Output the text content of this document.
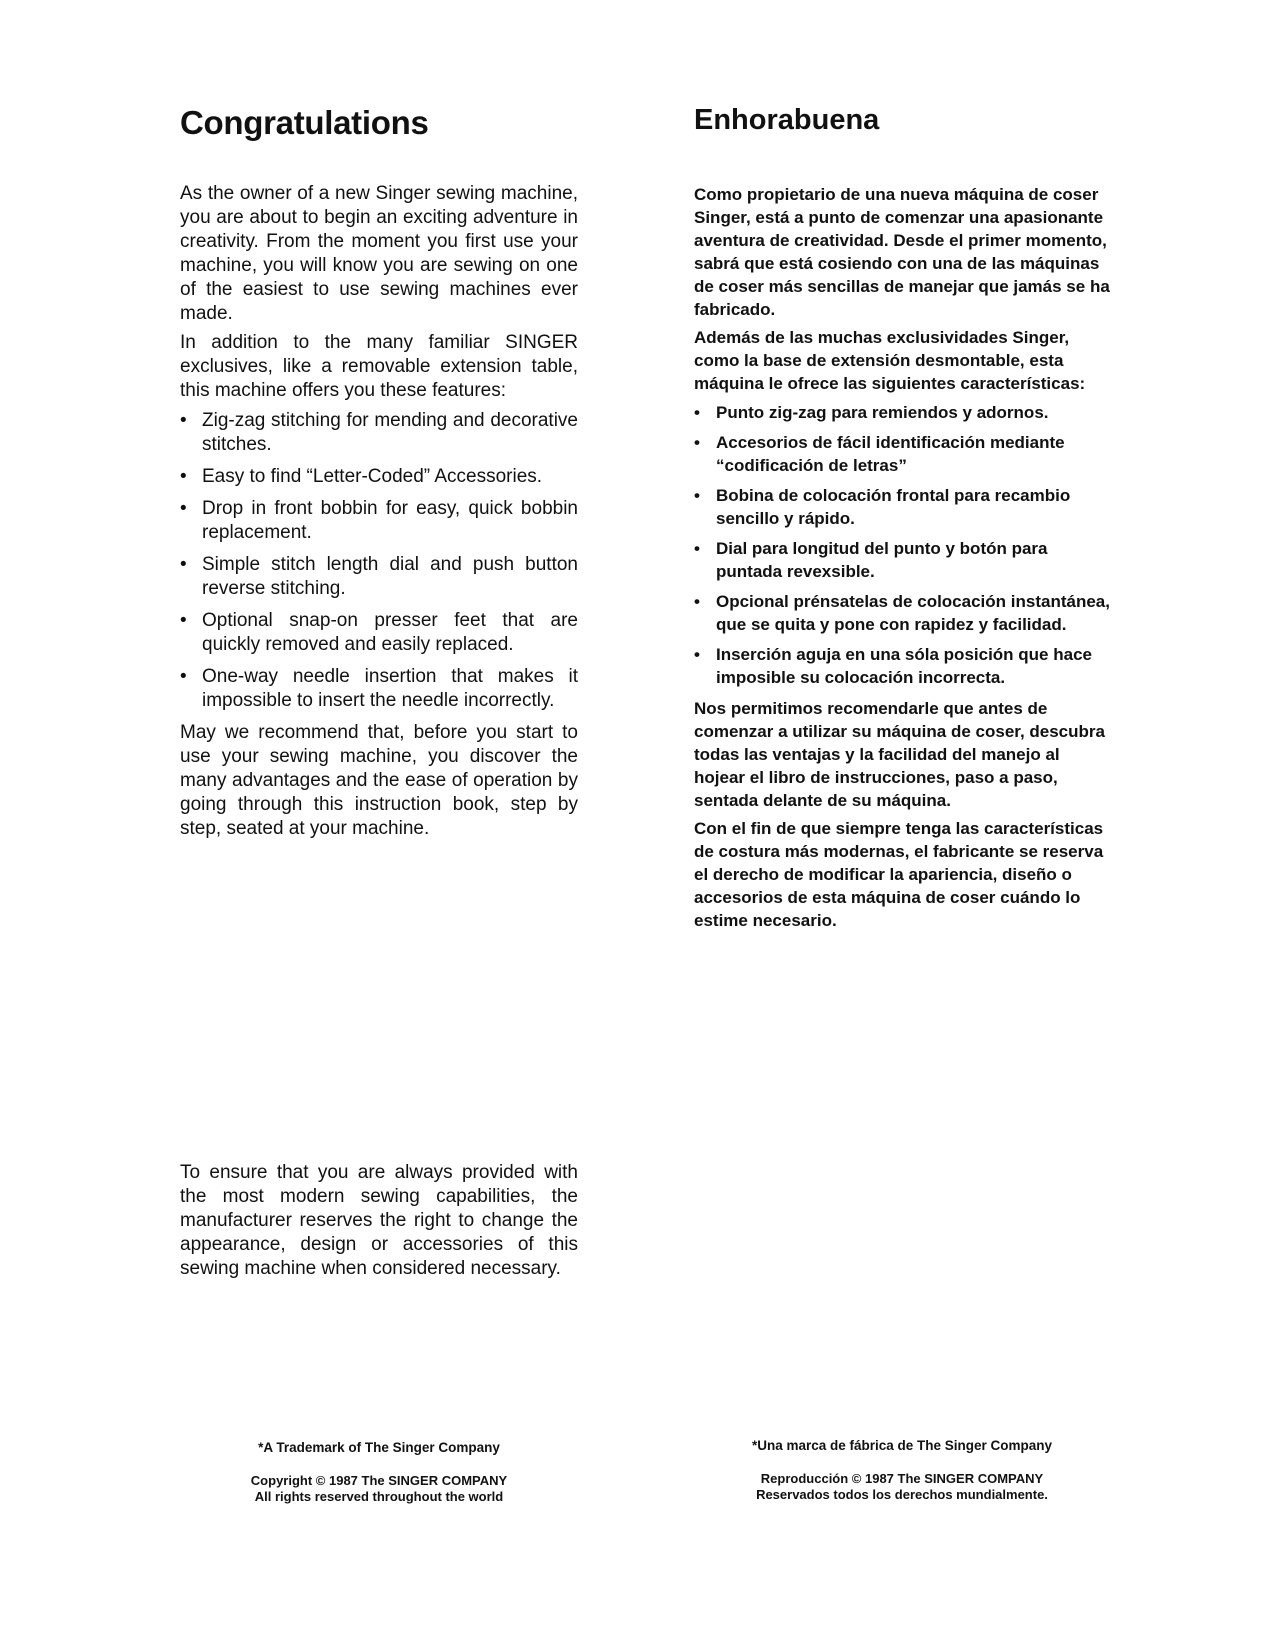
Congratulations

As the owner of a new Singer sewing machine, you are about to begin an exciting adventure in creativity. From the moment you first use your machine, you will know you are sewing on one of the easiest to use sewing machines ever made.

In addition to the many familiar SINGER exclusives, like a removable extension table, this machine offers you these features:

• Zig-zag stitching for mending and decorative stitches.
• Easy to find “Letter-Coded” Accessories.
• Drop in front bobbin for easy, quick bobbin replacement.
• Simple stitch length dial and push button reverse stitching.
• Optional snap-on presser feet that are quickly removed and easily replaced.
• One-way needle insertion that makes it impossible to insert the needle incorrectly.

May we recommend that, before you start to use your sewing machine, you discover the many advantages and the ease of operation by going through this instruction book, step by step, seated at your machine.

To ensure that you are always provided with the most modern sewing capabilities, the manufacturer reserves the right to change the appearance, design or accessories of this sewing machine when considered necessary.

Enhorabuena

Como propietario de una nueva máquina de coser Singer, está a punto de comenzar una apasionante aventura de creatividad. Desde el primer momento, sabrá que está cosiendo con una de las máquinas de coser más sencillas de manejar que jamás se ha fabricado.

Además de las muchas exclusividades Singer, como la base de extensión desmontable, esta máquina le ofrece las siguientes características:

• Punto zig-zag para remiendos y adornos.
• Accesorios de fácil identificación mediante “codificación de letras”
• Bobina de colocación frontal para recambio sencillo y rápido.
• Dial para longitud del punto y botón para puntada revexsible.
• Opcional prénsatelas de colocación instantánea, que se quita y pone con rapidez y facilidad.
• Inserción aguja en una sóla posición que hace imposible su colocación incorrecta.

Nos permitimos recomendarle que antes de comenzar a utilizar su máquina de coser, descubra todas las ventajas y la facilidad del manejo al hojear el libro de instrucciones, paso a paso, sentada delante de su máquina.

Con el fin de que siempre tenga las características de costura más modernas, el fabricante se reserva el derecho de modificar la apariencia, diseño o accesorios de esta máquina de coser cuándo lo estime necesario.

*A Trademark of The Singer Company

Copyright © 1987 The SINGER COMPANY

All rights reserved throughout the world

*Una marca de fábrica de The Singer Company

Reproducción © 1987 The SINGER COMPANY

Reservados todos los derechos mundialmente.
